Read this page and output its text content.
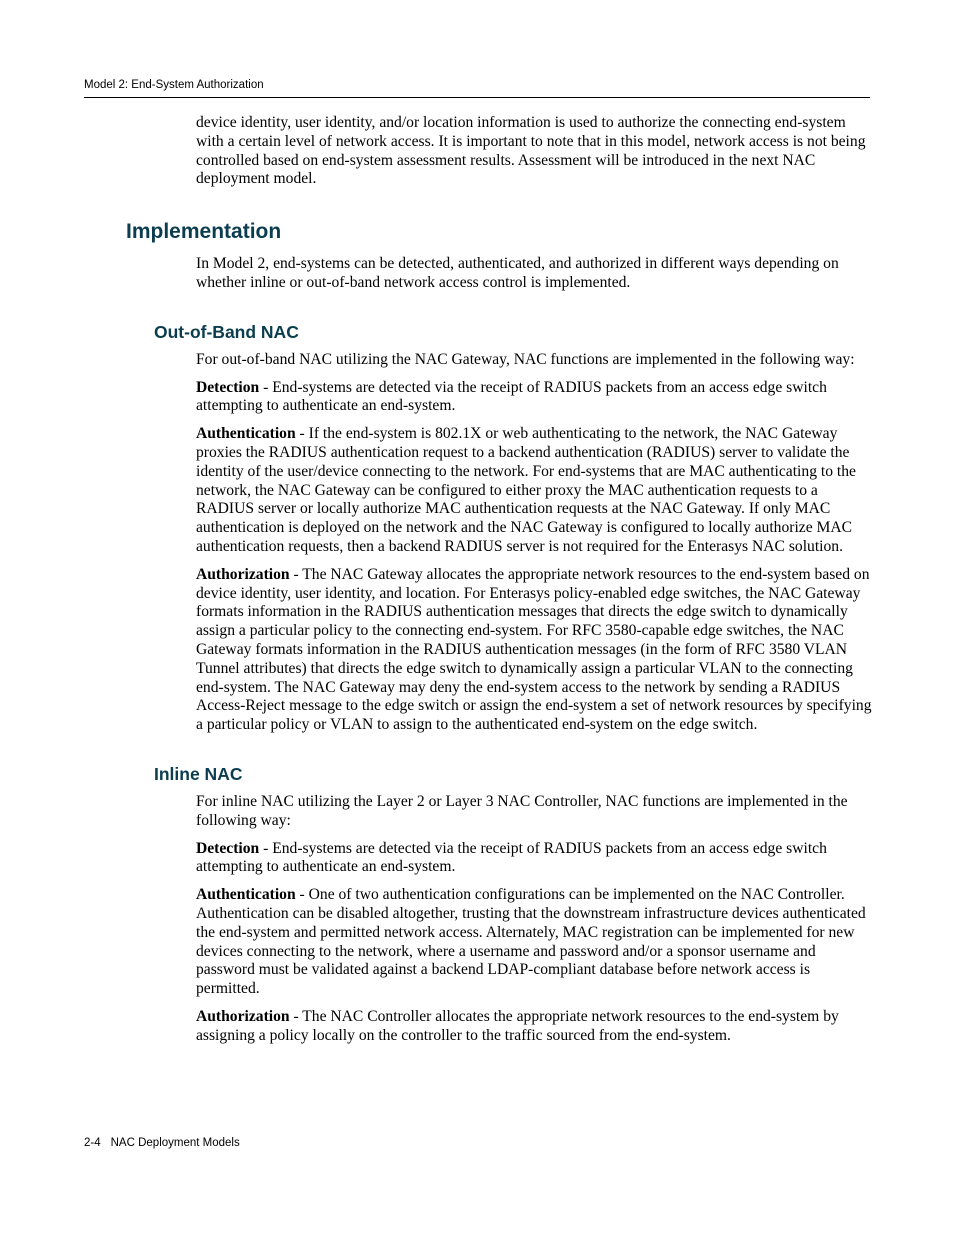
Model 2: End-System Authorization

device identity, user identity, and/or location information is used to authorize the connecting end-system with a certain level of network access. It is important to note that in this model, network access is not being controlled based on end-system assessment results. Assessment will be introduced in the next NAC deployment model.

Implementation

In Model 2, end-systems can be detected, authenticated, and authorized in different ways depending on whether inline or out-of-band network access control is implemented.

Out-of-Band NAC

For out-of-band NAC utilizing the NAC Gateway, NAC functions are implemented in the following way:

Detection - End-systems are detected via the receipt of RADIUS packets from an access edge switch attempting to authenticate an end-system.

Authentication - If the end-system is 802.1X or web authenticating to the network, the NAC Gateway proxies the RADIUS authentication request to a backend authentication (RADIUS) server to validate the identity of the user/device connecting to the network. For end-systems that are MAC authenticating to the network, the NAC Gateway can be configured to either proxy the MAC authentication requests to a RADIUS server or locally authorize MAC authentication requests at the NAC Gateway. If only MAC authentication is deployed on the network and the NAC Gateway is configured to locally authorize MAC authentication requests, then a backend RADIUS server is not required for the Enterasys NAC solution.

Authorization - The NAC Gateway allocates the appropriate network resources to the end-system based on device identity, user identity, and location. For Enterasys policy-enabled edge switches, the NAC Gateway formats information in the RADIUS authentication messages that directs the edge switch to dynamically assign a particular policy to the connecting end-system. For RFC 3580-capable edge switches, the NAC Gateway formats information in the RADIUS authentication messages (in the form of RFC 3580 VLAN Tunnel attributes) that directs the edge switch to dynamically assign a particular VLAN to the connecting end-system. The NAC Gateway may deny the end-system access to the network by sending a RADIUS Access-Reject message to the edge switch or assign the end-system a set of network resources by specifying a particular policy or VLAN to assign to the authenticated end-system on the edge switch.

Inline NAC

For inline NAC utilizing the Layer 2 or Layer 3 NAC Controller, NAC functions are implemented in the following way:

Detection - End-systems are detected via the receipt of RADIUS packets from an access edge switch attempting to authenticate an end-system.

Authentication - One of two authentication configurations can be implemented on the NAC Controller. Authentication can be disabled altogether, trusting that the downstream infrastructure devices authenticated the end-system and permitted network access. Alternately, MAC registration can be implemented for new devices connecting to the network, where a username and password and/or a sponsor username and password must be validated against a backend LDAP-compliant database before network access is permitted.

Authorization - The NAC Controller allocates the appropriate network resources to the end-system by assigning a policy locally on the controller to the traffic sourced from the end-system.

2-4 NAC Deployment Models
